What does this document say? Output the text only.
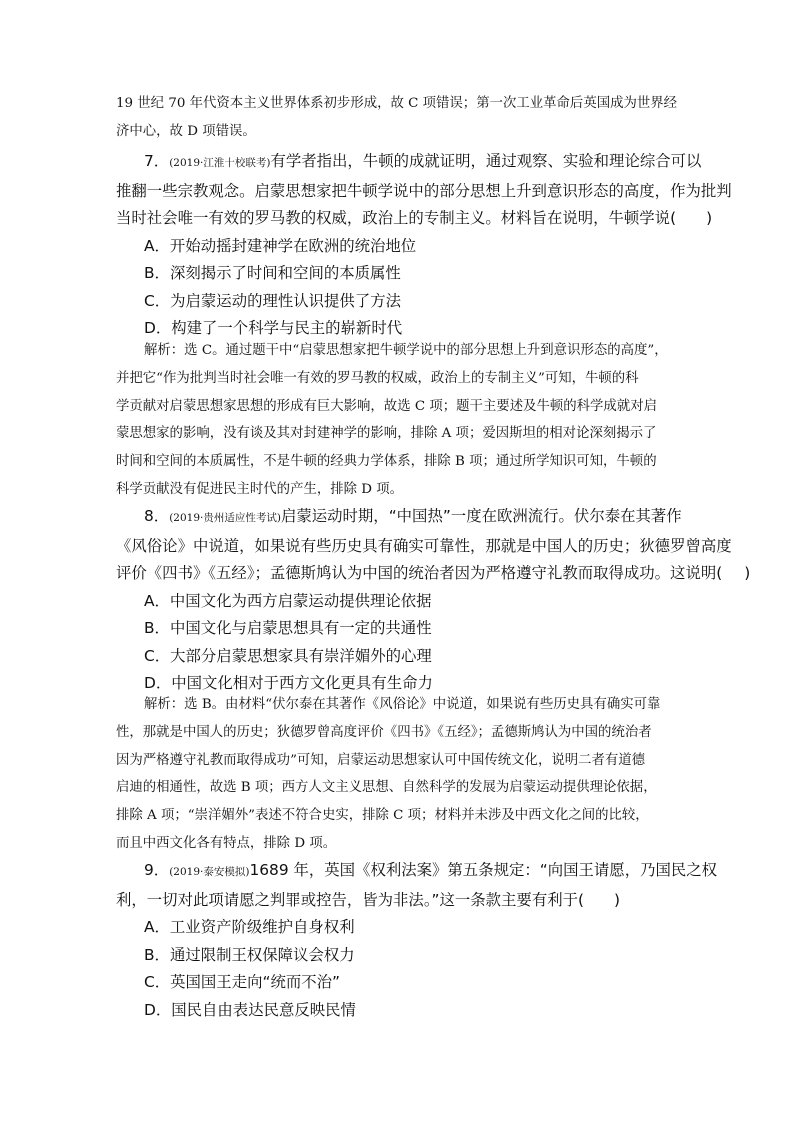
19 世纪 70 年代资本主义世界体系初步形成，故 C 项错误；第一次工业革命后英国成为世界经

济中心，故 D 项错误。

7．(2019·江淮十校联考)有学者指出，牛顿的成就证明，通过观察、实验和理论综合可以

推翻一些宗教观念。启蒙思想家把牛顿学说中的部分思想上升到意识形态的高度，作为批判

当时社会唯一有效的罗马教的权威，政治上的专制主义。材料旨在说明，牛顿学说( )

A．开始动摇封建神学在欧洲的统治地位

B．深刻揭示了时间和空间的本质属性

C．为启蒙运动的理性认识提供了方法

D．构建了一个科学与民主的崭新时代

解析：选 C。通过题干中“启蒙思想家把牛顿学说中的部分思想上升到意识形态的高度”，

并把它“作为批判当时社会唯一有效的罗马教的权威，政治上的专制主义”可知，牛顿的科

学贡献对启蒙思想家思想的形成有巨大影响，故选 C 项；题干主要述及牛顿的科学成就对启

蒙思想家的影响，没有谈及其对封建神学的影响，排除 A 项；爱因斯坦的相对论深刻揭示了

时间和空间的本质属性，不是牛顿的经典力学体系，排除 B 项；通过所学知识可知，牛顿的

科学贡献没有促进民主时代的产生，排除 D 项。

8．(2019·贵州适应性考试)启蒙运动时期，“中国热”一度在欧洲流行。伏尔泰在其著作

《风俗论》中说道，如果说有些历史具有确实可靠性，那就是中国人的历史；狄德罗曾高度

评价《四书》《五经》；孟德斯鸠认为中国的统治者因为严格遵守礼教而取得成功。这说明( )

A．中国文化为西方启蒙运动提供理论依据

B．中国文化与启蒙思想具有一定的共通性

C．大部分启蒙思想家具有崇洋媚外的心理

D．中国文化相对于西方文化更具有生命力

解析：选 B。由材料“伏尔泰在其著作《风俗论》中说道，如果说有些历史具有确实可靠

性，那就是中国人的历史；狄德罗曾高度评价《四书》《五经》；孟德斯鸠认为中国的统治者

因为严格遵守礼教而取得成功”可知，启蒙运动思想家认可中国传统文化，说明二者有道德

启迪的相通性，故选 B 项；西方人文主义思想、自然科学的发展为启蒙运动提供理论依据，

排除 A 项；“崇洋媚外”表述不符合史实，排除 C 项；材料并未涉及中西文化之间的比较，

而且中西文化各有特点，排除 D 项。

9．(2019·泰安模拟)1689 年，英国《权利法案》第五条规定：“向国王请愿，乃国民之权

利，一切对此项请愿之判罪或控告，皆为非法。”这一条款主要有利于( )

A．工业资产阶级维护自身权利

B．通过限制王权保障议会权力

C．英国国王走向“统而不治”

D．国民自由表达民意反映民情
